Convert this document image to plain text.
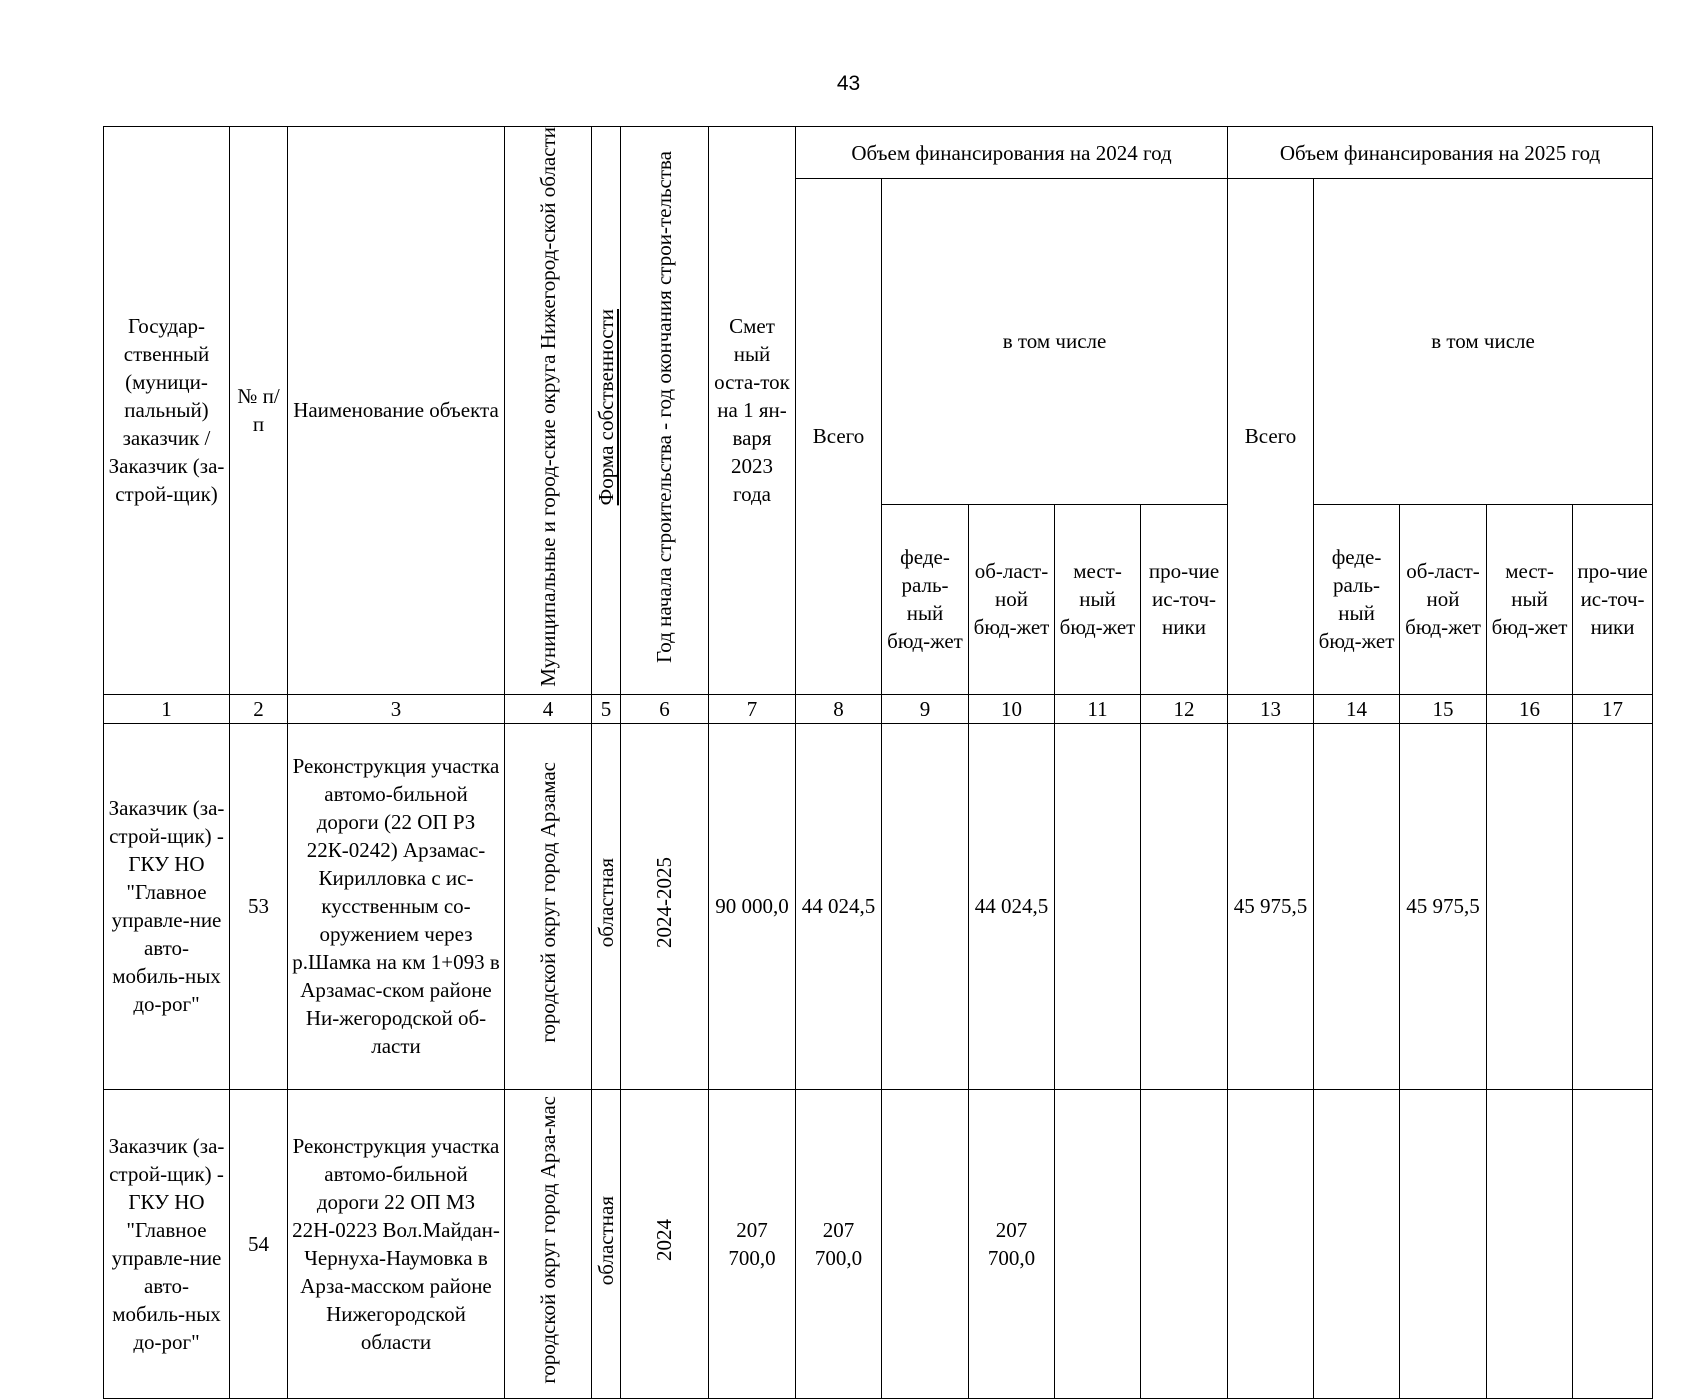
43
Государ-ственный (муници-пальный) заказчик /Заказчик (за-строй-щик)	№ п/п	Наименование объекта	Муниципальные и город-ские округа Нижегород-ской области	Форма собственности	Год начала строительства - год окончания строи-тельства	Смет ный оста-ток на 1 ян-варя 2023 года	Объем финансирования на 2024 год					Объем финансирования на 2025 год				
							Всего	в том числе				Всего	в том числе			
								феде-раль-ный бюд-жет	об-ласт-ной бюд-жет	мест-ный бюд-жет	про-чие ис-точ-ники		феде-раль-ный бюд-жет	об-ласт-ной бюд-жет	мест-ный бюд-жет	про-чие ис-точ-ники
1	2	3	4	5	6	7	8	9	10	11	12	13	14	15	16	17
Заказчик (за-строй-щик) - ГКУ НО "Главное управле-ние авто-мобиль-ных до-рог"	53	Реконструкция участка автомо-бильной дороги (22 ОП РЗ 22К-0242) Арзамас-Кирилловка с ис-кусственным со-оружением через р.Шамка на км 1+093 в Арзамас-ском районе Ни-жегородской об-ласти	городской округ город Арзамас	областная	2024-2025	90 000,0	44 024,5		44 024,5			45 975,5		45 975,5		
Заказчик (за-строй-щик) - ГКУ НО "Главное управле-ние авто-мобиль-ных до-рог"	54	Реконструкция участка автомо-бильной дороги 22 ОП МЗ 22Н-0223 Вол.Майдан-Чернуха-Наумовка в Арза-масском районе Нижегородской области	городской округ город Арза-мас	областная	2024	207 700,0	207 700,0		207 700,0							
